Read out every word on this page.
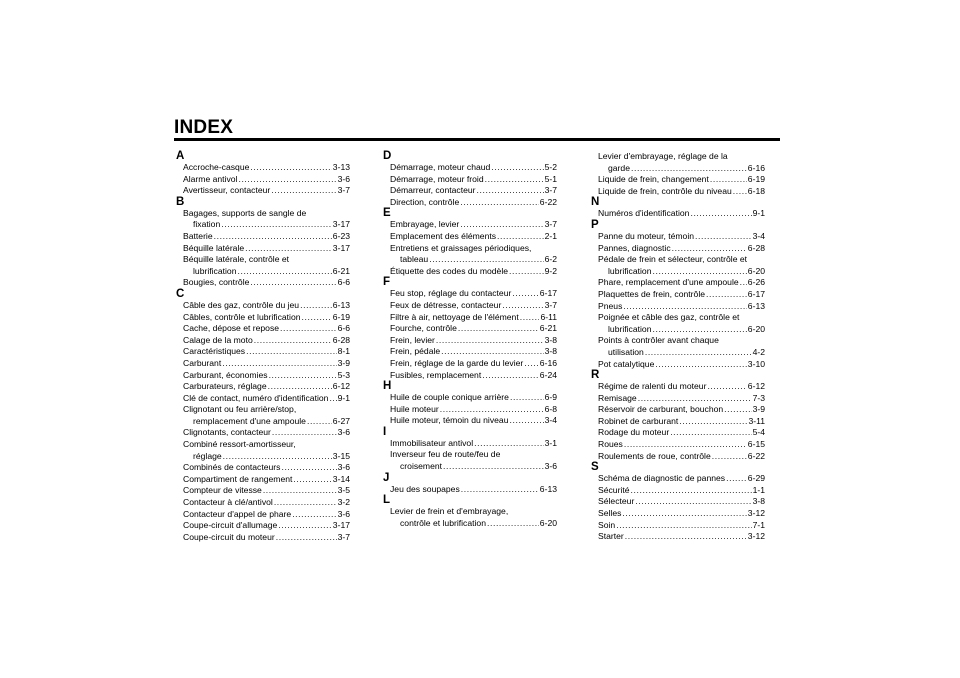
INDEX
A
Accroche-casque .....	3-13
Alarme antivol .....	3-6
Avertisseur, contacteur .....	3-7
B
Bagages, supports de sangle de
fixation .....	3-17
Batterie .....	6-23
Béquille latérale .....	3-17
Béquille latérale, contrôle et
lubrification .....	6-21
Bougies, contrôle .....	6-6
C
Câble des gaz, contrôle du jeu .....	6-13
Câbles, contrôle et lubrification .....	6-19
Cache, dépose et repose .....	6-6
Calage de la moto .....	6-28
Caractéristiques .....	8-1
Carburant .....	3-9
Carburant, économies .....	5-3
Carburateurs, réglage .....	6-12
Clé de contact, numéro d'identification ..... 9-1
Clignotant ou feu arrière/stop,
remplacement d'une ampoule .....	6-27
Clignotants, contacteur .....	3-6
Combiné ressort-amortisseur,
réglage .....	3-15
Combinés de contacteurs .....	3-6
Compartiment de rangement .....	3-14
Compteur de vitesse .....	3-5
Contacteur à clé/antivol .....	3-2
Contacteur d'appel de phare .....	3-6
Coupe-circuit d'allumage .....	3-17
Coupe-circuit du moteur .....	3-7
D
Démarrage, moteur chaud .....	5-2
Démarrage, moteur froid .....	5-1
Démarreur, contacteur .....	3-7
Direction, contrôle .....	6-22
E
Embrayage, levier .....	3-7
Emplacement des éléments .....	2-1
Entretiens et graissages périodiques,
tableau .....	6-2
Étiquette des codes du modèle .....	9-2
F
Feu stop, réglage du contacteur .....	6-17
Feux de détresse, contacteur .....	3-7
Filtre à air, nettoyage de l'élément .....	6-11
Fourche, contrôle .....	6-21
Frein, levier .....	3-8
Frein, pédale .....	3-8
Frein, réglage de la garde du levier ..... 6-16
Fusibles, remplacement .....	6-24
H
Huile de couple conique arrière .....	6-9
Huile moteur .....	6-8
Huile moteur, témoin du niveau .....	3-4
I
Immobilisateur antivol .....	3-1
Inverseur feu de route/feu de
croisement .....	3-6
J
Jeu des soupapes .....	6-13
L
Levier de frein et d'embrayage,
contrôle et lubrification .....	6-20
Levier d'embrayage, réglage de la
garde .....	6-16
Liquide de frein, changement .....	6-19
Liquide de frein, contrôle du niveau ..... 6-18
N
Numéros d'identification .....	9-1
P
Panne du moteur, témoin .....	3-4
Pannes, diagnostic .....	6-28
Pédale de frein et sélecteur, contrôle et
lubrification .....	6-20
Phare, remplacement d'une ampoule ..... 6-26
Plaquettes de frein, contrôle .....	6-17
Pneus .....	6-13
Poignée et câble des gaz, contrôle et
lubrification .....	6-20
Points à contrôler avant chaque
utilisation .....	4-2
Pot catalytique .....	3-10
R
Régime de ralenti du moteur .....	6-12
Remisage .....	7-3
Réservoir de carburant, bouchon .....	3-9
Robinet de carburant .....	3-11
Rodage du moteur .....	5-4
Roues .....	6-15
Roulements de roue, contrôle .....	6-22
S
Schéma de diagnostic de pannes .....	6-29
Sécurité .....	1-1
Sélecteur .....	3-8
Selles .....	3-12
Soin .....	7-1
Starter .....	3-12
